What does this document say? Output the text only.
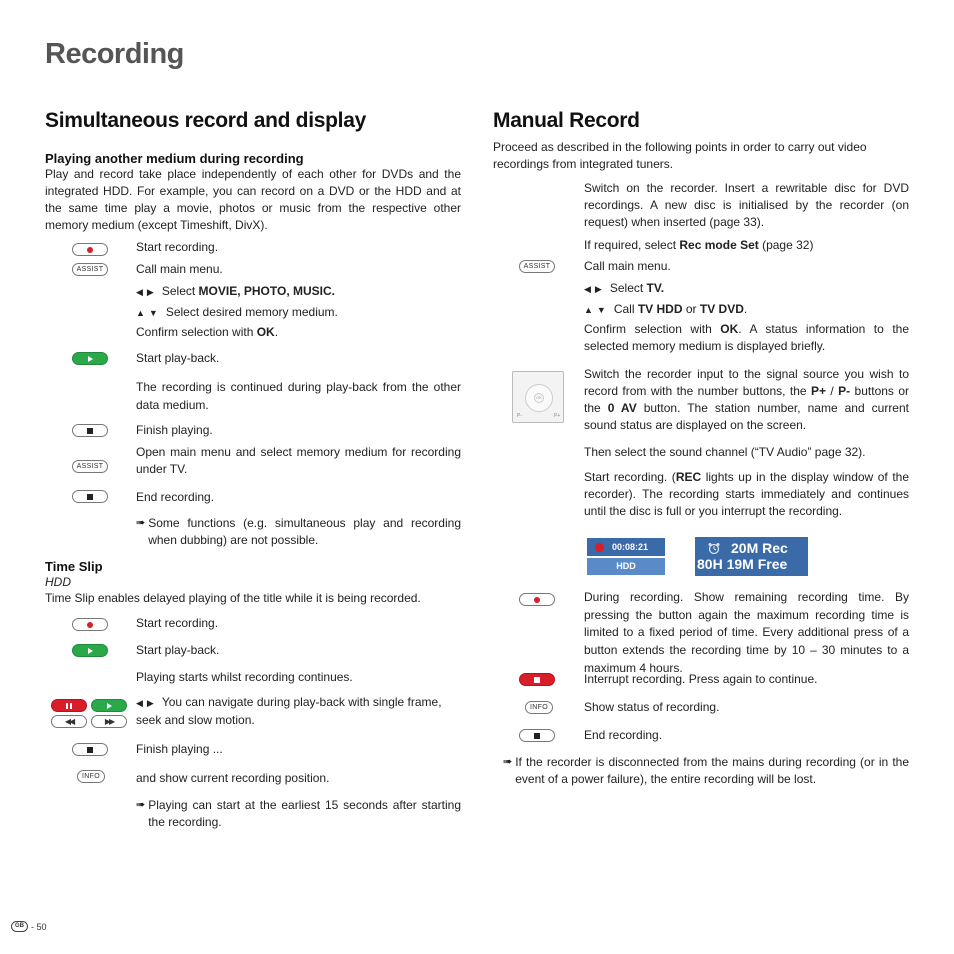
Recording
Simultaneous record and display
Playing another medium during recording
Play and record take place independently of each other for DVDs and the integrated HDD. For example, you can record on a DVD or the HDD and at the same time play a movie, photos or music from the respective other memory medium (except Timeshift, DivX).
Start recording.
ASSIST	Call main menu.
◀▶ Select MOVIE, PHOTO, MUSIC.
▲▼ Select desired memory medium.
Confirm selection with OK.
Start play-back.
The recording is continued during play-back from the other data medium.
Finish playing.
ASSIST
Open main menu and select memory medium for recording under TV.
End recording.
➠ Some functions (e.g. simultaneous play and recording when dubbing) are not possible.
Time Slip
HDD
Time Slip enables delayed playing of the title while it is being recorded.
Start recording.
Start play-back.
Playing starts whilst recording continues.
◀◀	▶▶
◀▶ You can navigate during play-back with single frame, seek and slow motion.
Finish playing ...
INFO	and show current recording position.
➠ Playing can start at the earliest 15 seconds after starting the recording.
Manual Record
Proceed as described in the following points in order to carry out video recordings from integrated tuners.
Switch on the recorder. Insert a rewritable disc for DVD recordings. A new disc is initialised by the recorder (on request) when inserted (page 33).
If required, select Rec mode Set (page 32)
ASSIST	Call main menu.
◀▶ Select TV.
▲▼ Call TV HDD or TV DVD.
Confirm selection with OK. A status information to the selected memory medium is displayed briefly.
OK
P-	P+
Switch the recorder input to the signal source you wish to record from with the number buttons, the P+ / P- buttons or the 0 AV button. The station number, name and current sound status are displayed on the screen.
Then select the sound channel (“TV Audio” page 32).
Start recording. (REC lights up in the display window of the recorder). The recording starts immediately and continues until the disc is full or you interrupt the recording.
00:08:21
HDD
20M Rec
80H 19M Free
During recording. Show remaining recording time. By pressing the button again the maximum recording time is limited to a fixed period of time. Every additional press of a button extends the recording time by 10 – 30 minutes to a maximum 4 hours.
Interrupt recording. Press again to continue.
INFO	Show status of recording.
End recording.
➠ If the recorder is disconnected from the mains during recording (or in the event of a power failure), the entire recording will be lost.
GB - 50
